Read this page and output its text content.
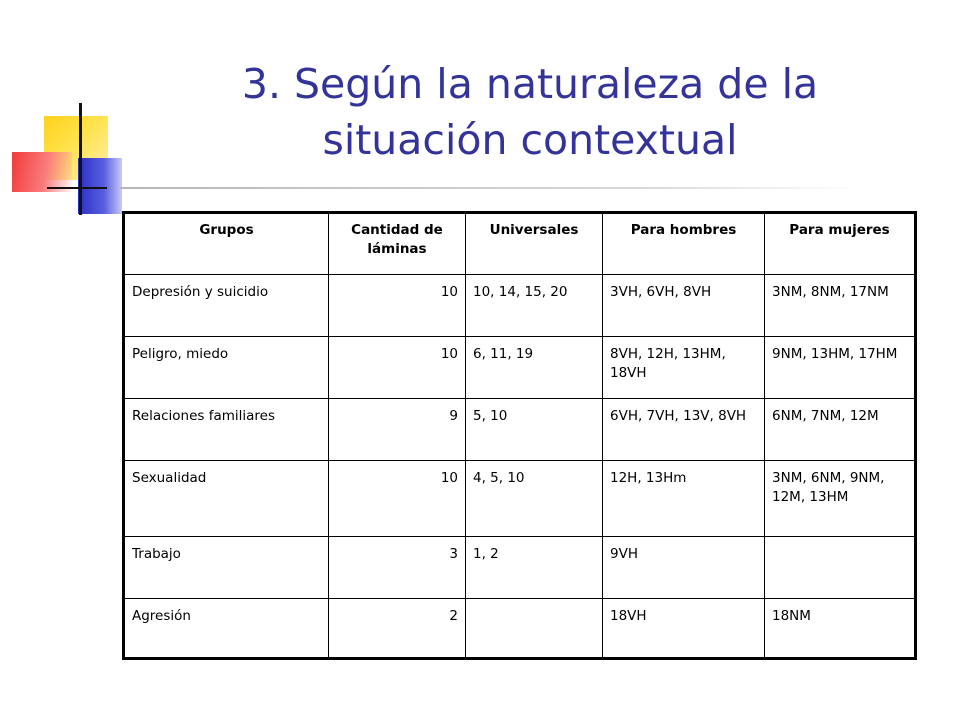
3. Según la naturaleza de la situación contextual
Grupos	Cantidad de láminas	Universales	Para hombres	Para mujeres
Depresión y suicidio	10	10, 14, 15, 20	3VH, 6VH, 8VH	3NM, 8NM, 17NM
Peligro, miedo	10	6, 11, 19	8VH, 12H, 13HM, 18VH	9NM, 13HM, 17HM
Relaciones familiares	9	5, 10	6VH, 7VH, 13V, 8VH	6NM, 7NM, 12M
Sexualidad	10	4, 5, 10	12H, 13Hm	3NM, 6NM, 9NM, 12M, 13HM
Trabajo	3	1, 2	9VH	
Agresión	2		18VH	18NM
